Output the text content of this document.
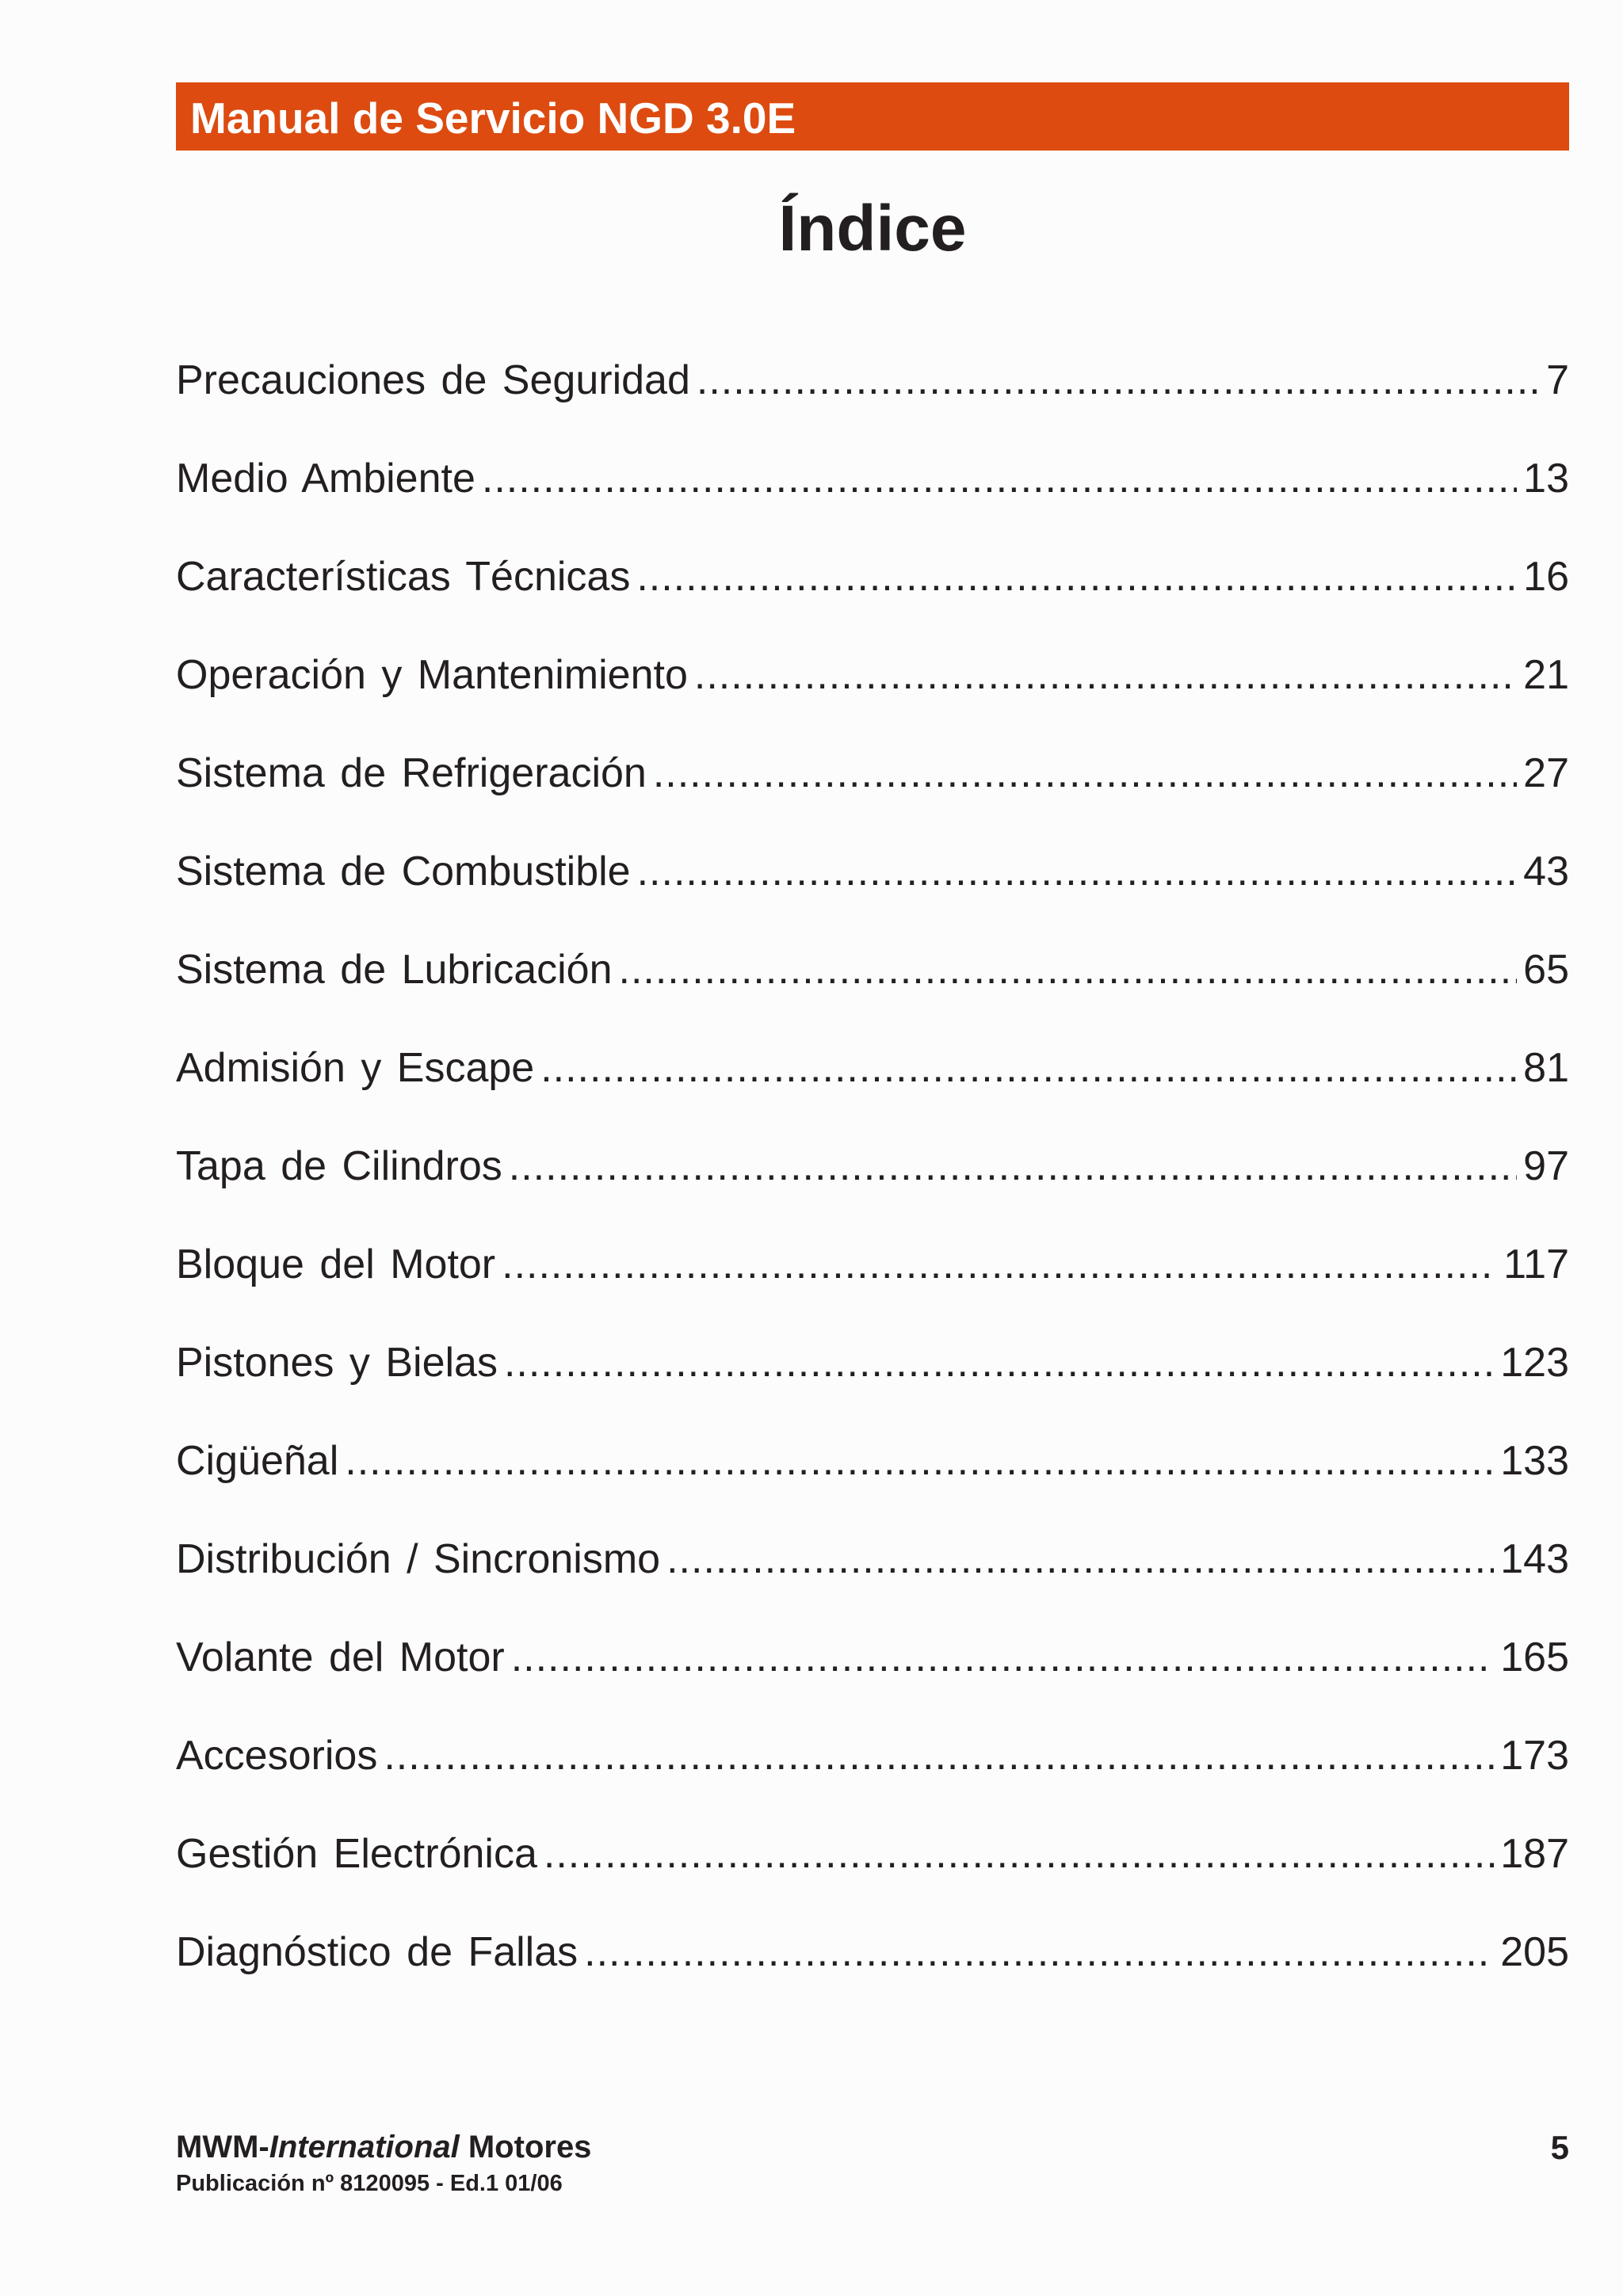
Manual de Servicio NGD 3.0E
Índice
Precauciones de Seguridad .....	7
Medio Ambiente .....	13
Características Técnicas .....	16
Operación y Mantenimiento .....	21
Sistema de Refrigeración .....	27
Sistema de Combustible .....	43
Sistema de Lubricación .....	65
Admisión y Escape .....	81
Tapa de Cilindros .....	97
Bloque del Motor .....	117
Pistones y Bielas .....	123
Cigüeñal .....	133
Distribución / Sincronismo .....	143
Volante del Motor .....	165
Accesorios .....	173
Gestión Electrónica .....	187
Diagnóstico de Fallas .....	205
MWM-International Motores
Publicación nº 8120095 - Ed.1 01/06
5
